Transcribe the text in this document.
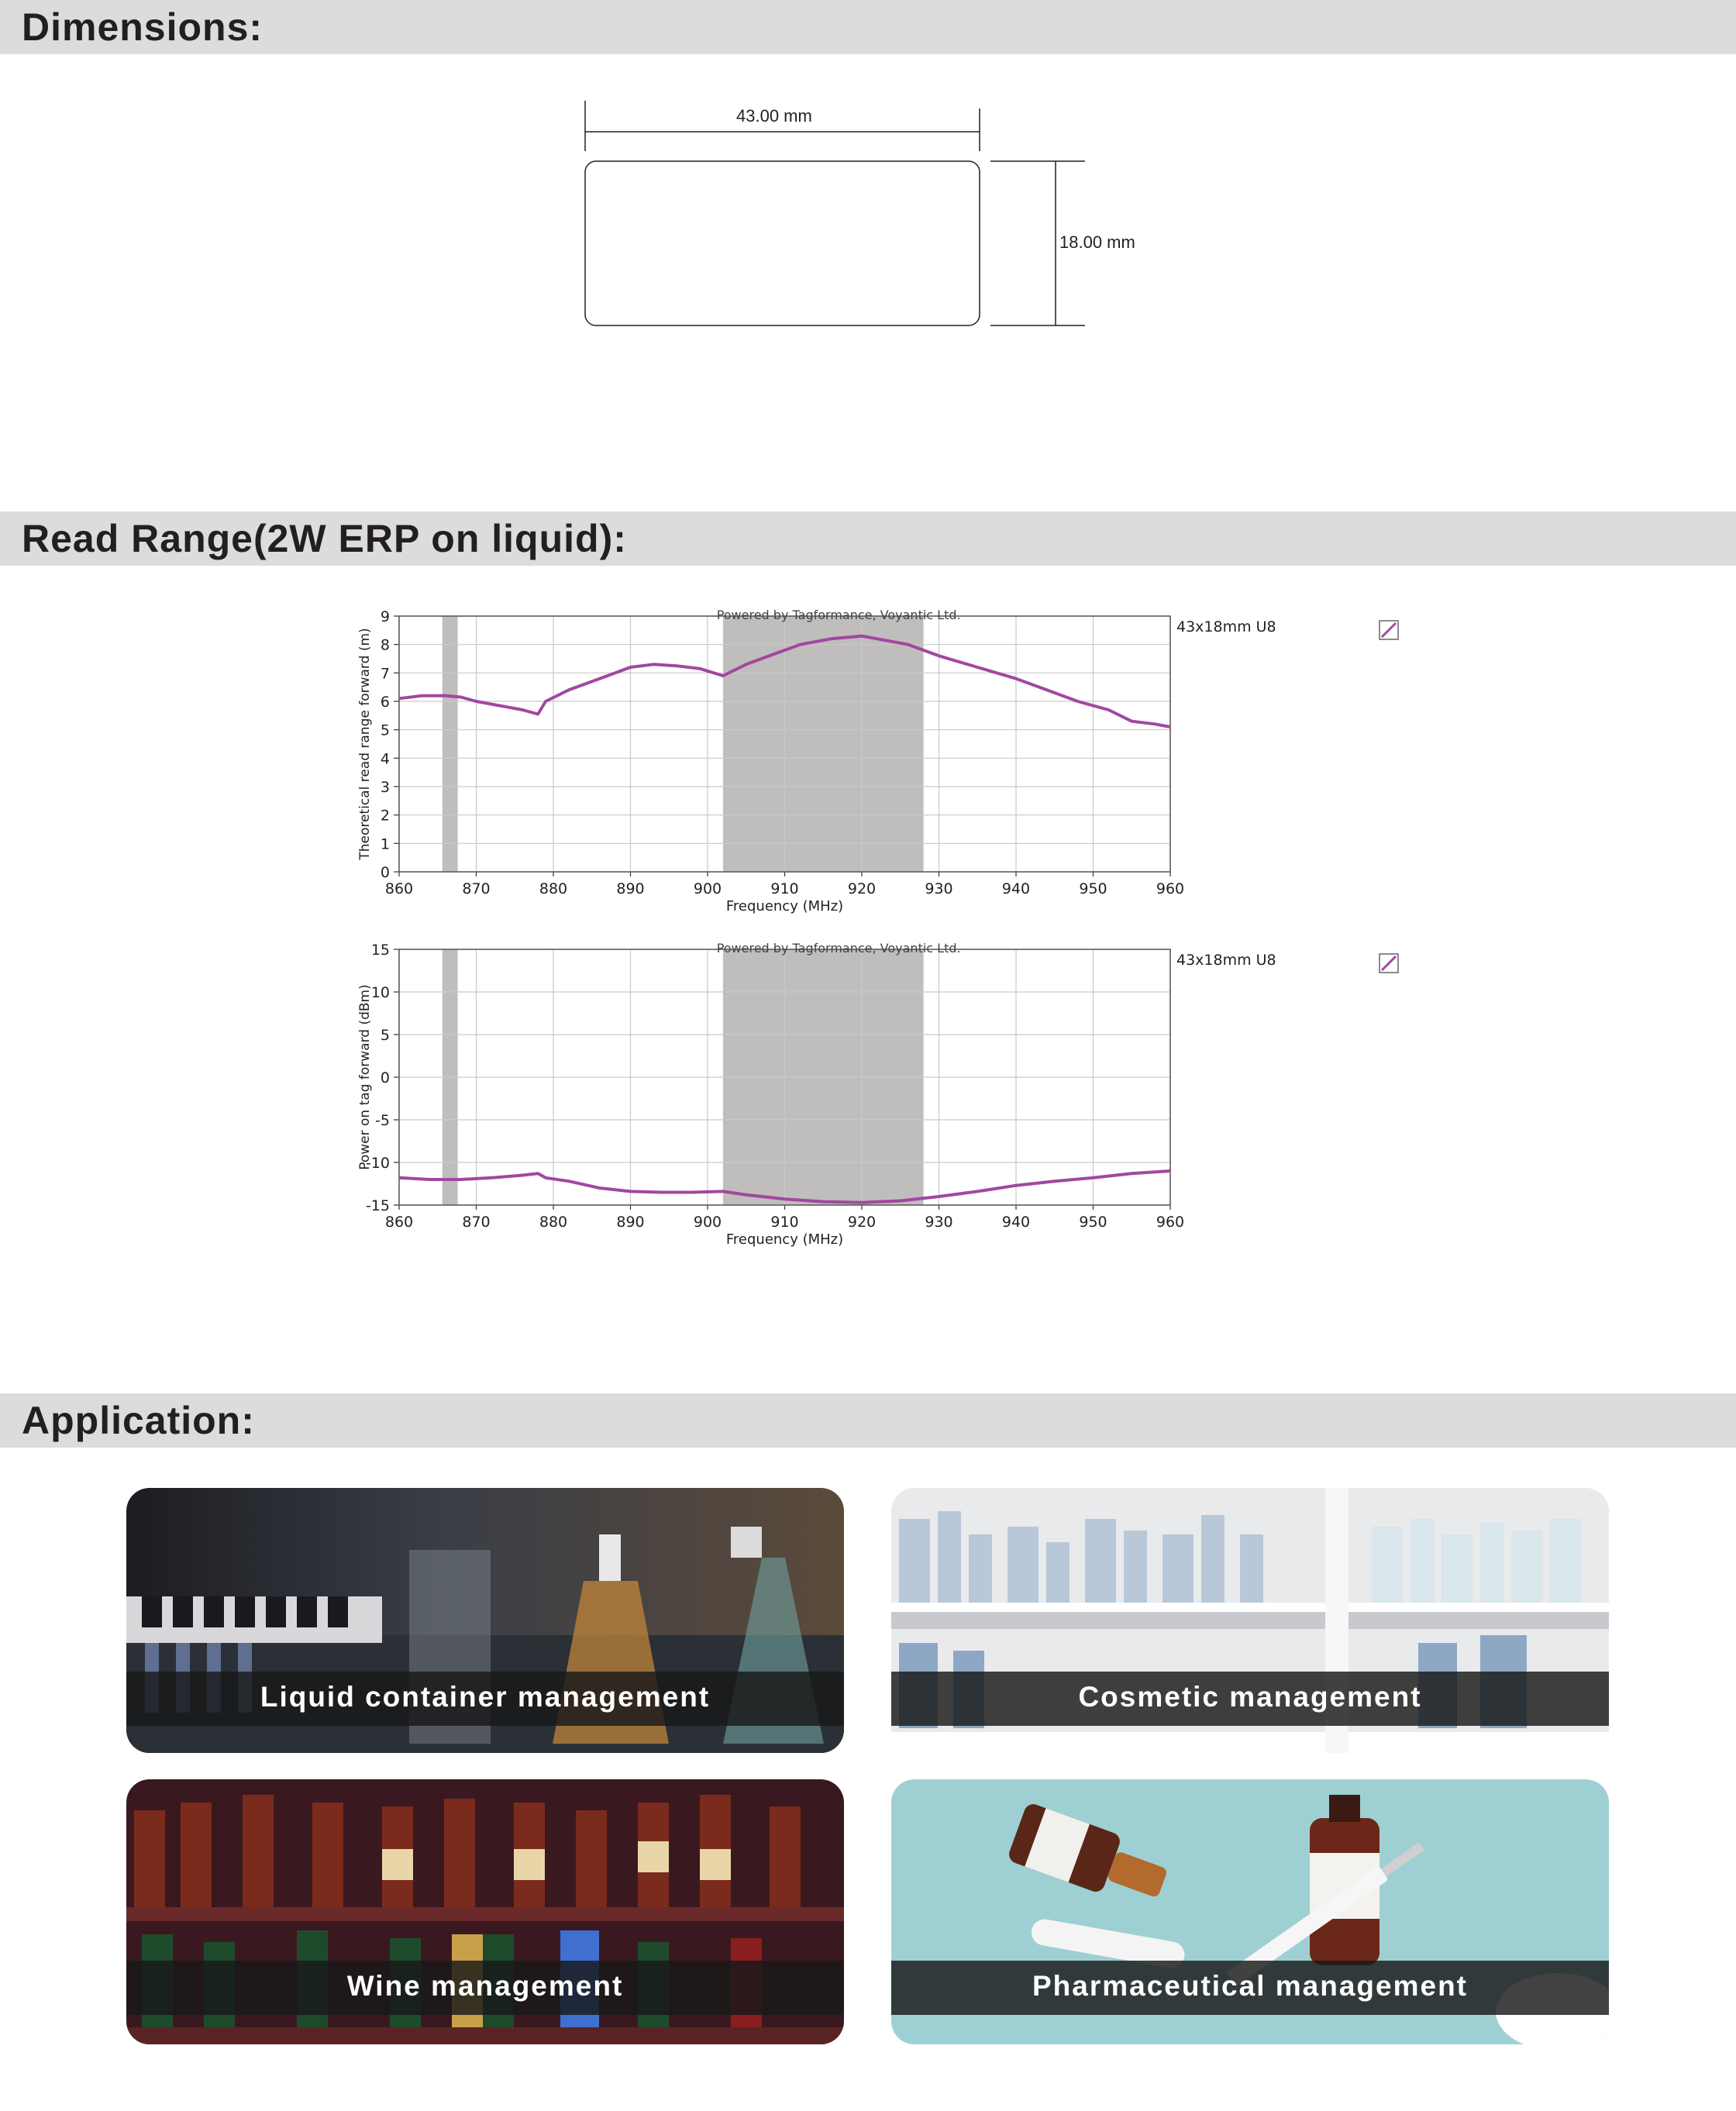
Dimensions:
43.00 mm
18.00 mm
Read Range(2W ERP on liquid):
860	870	880	890	900	910	920	930	940	950	960
0
1
2
3
4
5
6
7
8
9	Powered by Tagformance, Voyantic Ltd.
Frequency (MHz)
Theoretical read range forward (m)
43x18mm U8
860	870	880	890	900	910	920	930	940	950	960
-15
-10
-5
0
5
10
15	Powered by Tagformance, Voyantic Ltd.
Frequency (MHz)
Power on tag forward (dBm)
43x18mm U8
Application:
Liquid container management	Cosmetic management
Wine management	Pharmaceutical management
